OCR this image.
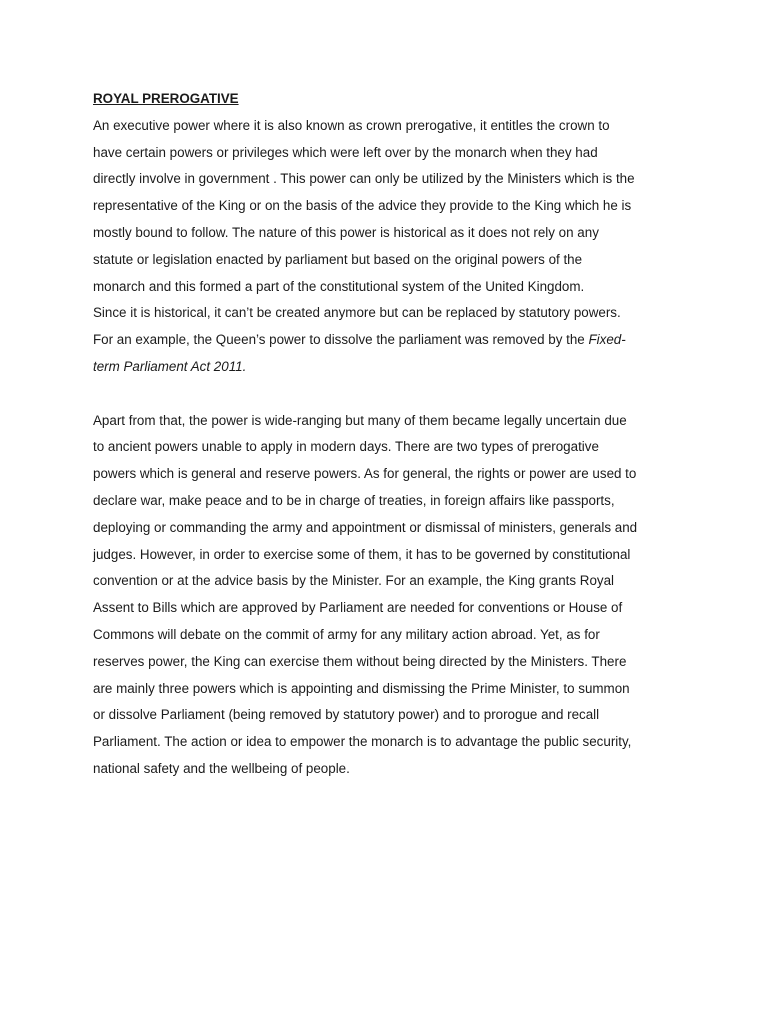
ROYAL PREROGATIVE
An executive power where it is also known as crown prerogative, it entitles the crown to
have certain powers or privileges which were left over by the monarch when they had
directly involve in government . This power can only be utilized by the Ministers which is the
representative of the King or on the basis of the advice they provide to the King which he is
mostly bound to follow. The nature of this power is historical as it does not rely on any
statute or legislation enacted by parliament but based on the original powers of the
monarch and this formed a part of the constitutional system of the United Kingdom.
Since it is historical, it can’t be created anymore but can be replaced by statutory powers.
For an example, the Queen’s power to dissolve the parliament was removed by the Fixed-
term Parliament Act 2011.
Apart from that, the power is wide-ranging but many of them became legally uncertain due
to ancient powers unable to apply in modern days. There are two types of prerogative
powers which is general and reserve powers. As for general, the rights or power are used to
declare war, make peace and to be in charge of treaties, in foreign affairs like passports,
deploying or commanding the army and appointment or dismissal of ministers, generals and
judges. However, in order to exercise some of them, it has to be governed by constitutional
convention or at the advice basis by the Minister. For an example, the King grants Royal
Assent to Bills which are approved by Parliament are needed for conventions or House of
Commons will debate on the commit of army for any military action abroad. Yet, as for
reserves power, the King can exercise them without being directed by the Ministers. There
are mainly three powers which is appointing and dismissing the Prime Minister, to summon
or dissolve Parliament (being removed by statutory power) and to prorogue and recall
Parliament. The action or idea to empower the monarch is to advantage the public security,
national safety and the wellbeing of people.
